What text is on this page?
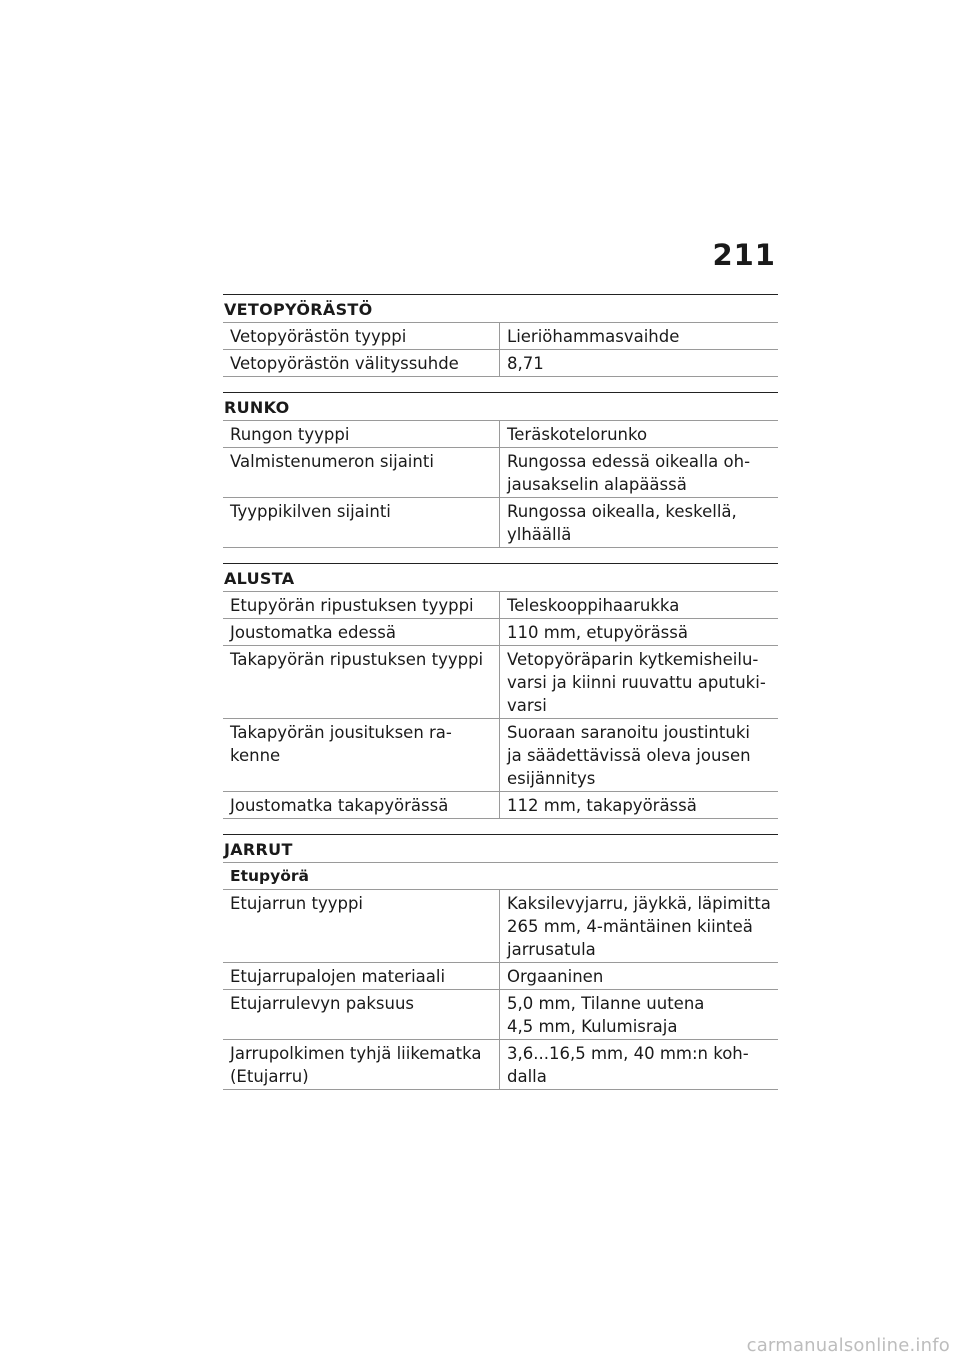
211
VETOPYÖRÄSTÖ
Vetopyörästön tyyppi	Lieriöhammasvaihde

Vetopyörästön välityssuhde	8,71
RUNKO
Rungon tyyppi	Teräskotelorunko

Valmistenumeron sijainti	Rungossa edessä oikealla oh-
jausakselin alapäässä

Tyyppikilven sijainti	Rungossa oikealla, keskellä,
ylhäällä
ALUSTA
Etupyörän ripustuksen tyyppi	Teleskooppihaarukka

Joustomatka edessä	110 mm, etupyörässä

Takapyörän ripustuksen tyyppi	Vetopyöräparin kytkemisheilu-
varsi ja kiinni ruuvattu aputuki-
varsi

Takapyörän jousituksen ra-
kenne	Suoraan saranoitu joustintuki
ja säädettävissä oleva jousen
esijännitys

Joustomatka takapyörässä	112 mm, takapyörässä
JARRUT
Etupyörä	

Etujarrun tyyppi	Kaksilevyjarru, jäykkä, läpimitta
265 mm, 4-mäntäinen kiinteä
jarrusatula

Etujarrupalojen materiaali	Orgaaninen

Etujarrulevyn paksuus	5,0 mm, Tilanne uutena
4,5 mm, Kulumisraja

Jarrupolkimen tyhjä liikematka
(Etujarru)	3,6...16,5 mm, 40 mm:n koh-
dalla
carmanualsonline.info
